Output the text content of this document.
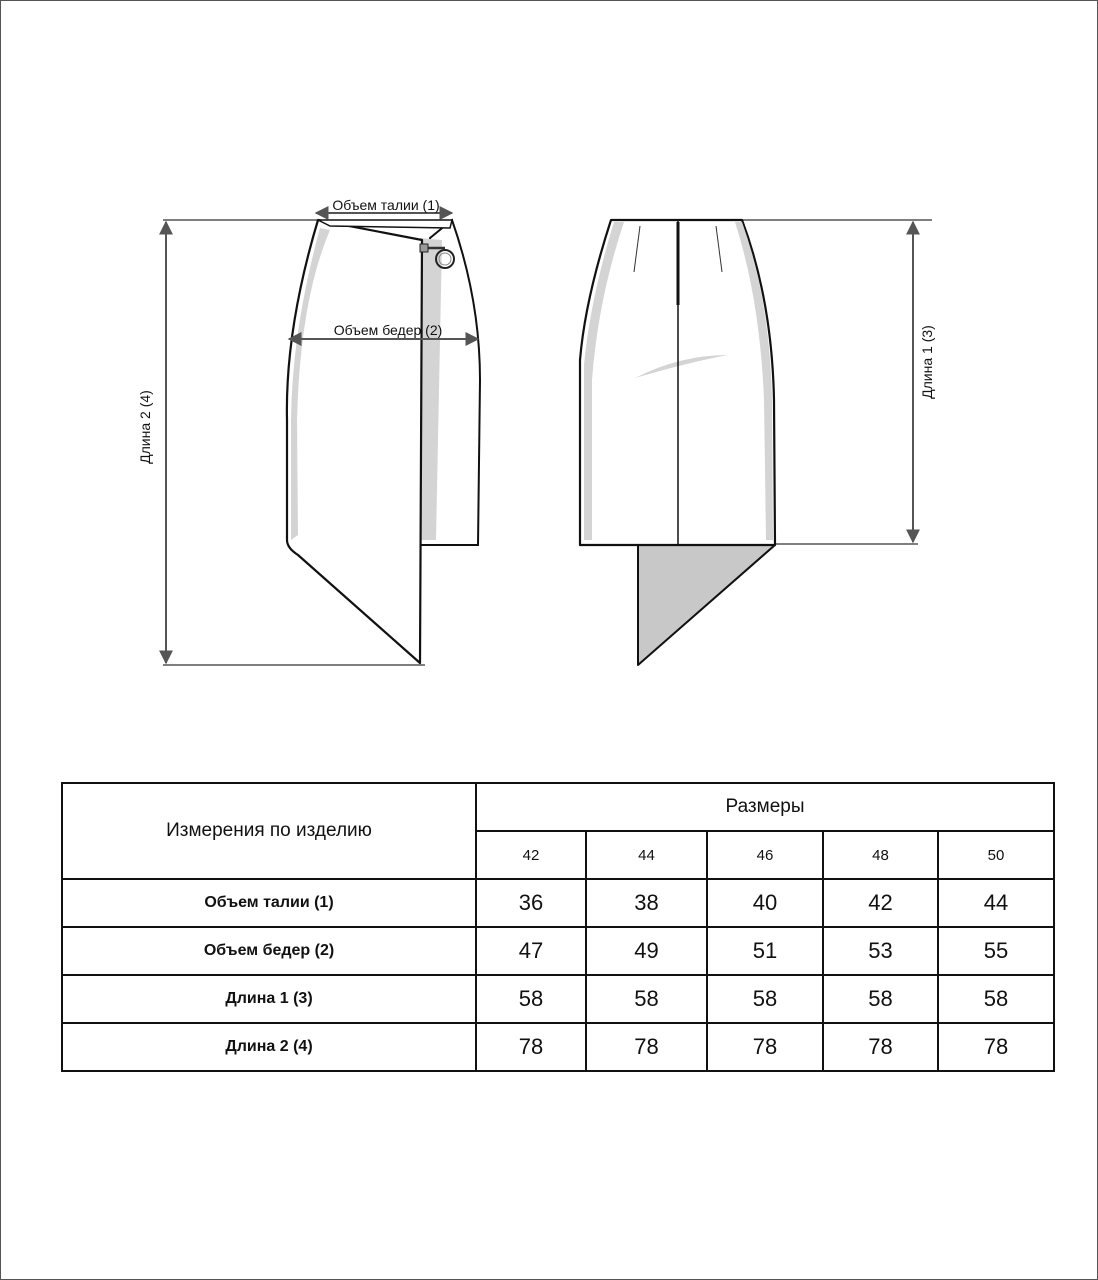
Объем талии (1)
Объем бедер (2)
Длина 2 (4)
Длина 1 (3)
Измерения по изделию	Размеры				
	42	44	46	48	50
Объем талии (1)	36	38	40	42	44
Объем бедер (2)	47	49	51	53	55
Длина 1 (3)	58	58	58	58	58
Длина 2 (4)	78	78	78	78	78
